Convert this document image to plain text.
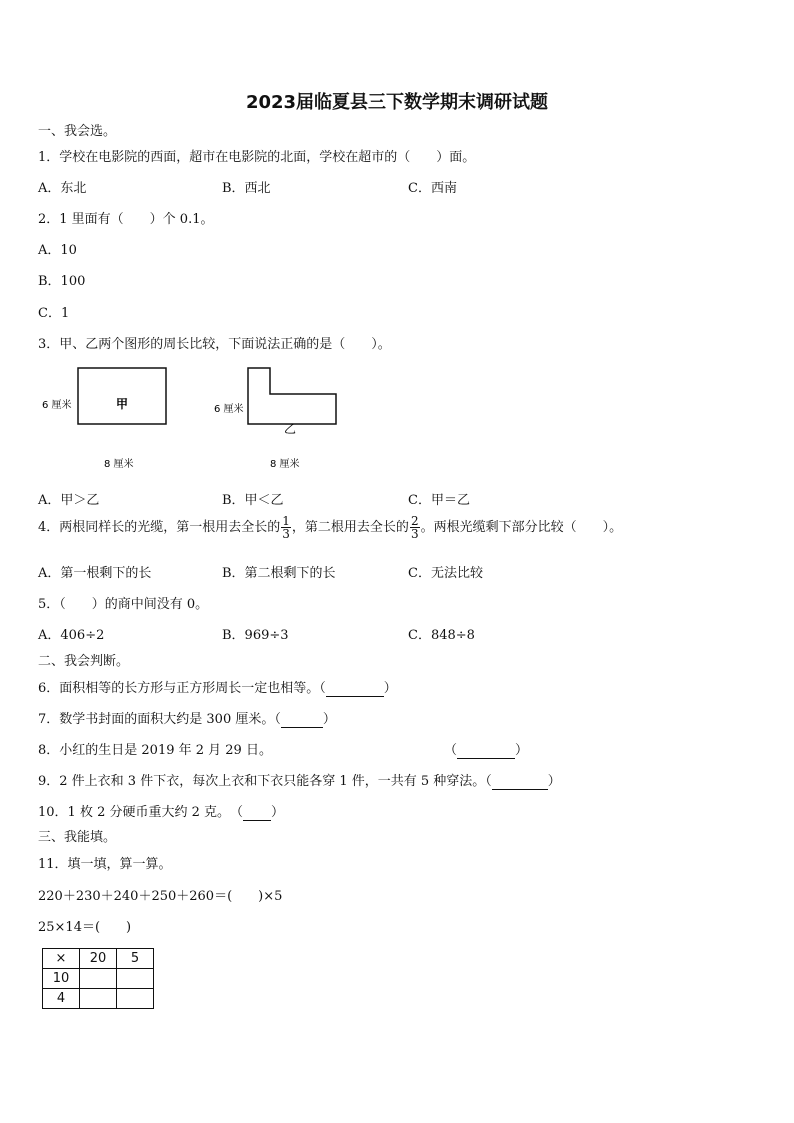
2023届临夏县三下数学期末调研试题
一、我会选。
1．学校在电影院的西面，超市在电影院的北面，学校在超市的（　　）面。
A．东北	B．西北	C．西南
2．1 里面有（　　）个 0.1。
A．10
B．100
C．1
3．甲、乙两个图形的周长比较，下面说法正确的是（　　）。
6 厘米	甲
8 厘米
6 厘米
乙
8 厘米
A．甲＞乙	B．甲＜乙	C．甲＝乙
4．两根同样长的光缆，第一根用去全长的 $\frac{1}{3}$ ，第二根用去全长的 $\frac{2}{3}$ 。两根光缆剩下部分比较（　　）。
A．第一根剩下的长	B．第二根剩下的长	C．无法比较
5．（　　）的商中间没有 0。
A．406÷2	B．969÷3	C．848÷8
二、我会判断。
6．面积相等的长方形与正方形周长一定也相等。（	）
7．数学书封面的面积大约是 300 厘米。（	）
8．小红的生日是 2019 年 2 月 29 日。	（	）
9．2 件上衣和 3 件下衣，每次上衣和下衣只能各穿 1 件，一共有 5 种穿法。（	）
10．1 枚 2 分硬币重大约 2 克。　（ ）
三、我能填。
11．填一填，算一算。
220＋230＋240＋250＋260＝(　　)×5
25×14＝(　　)
×	20	5
10		
4		
